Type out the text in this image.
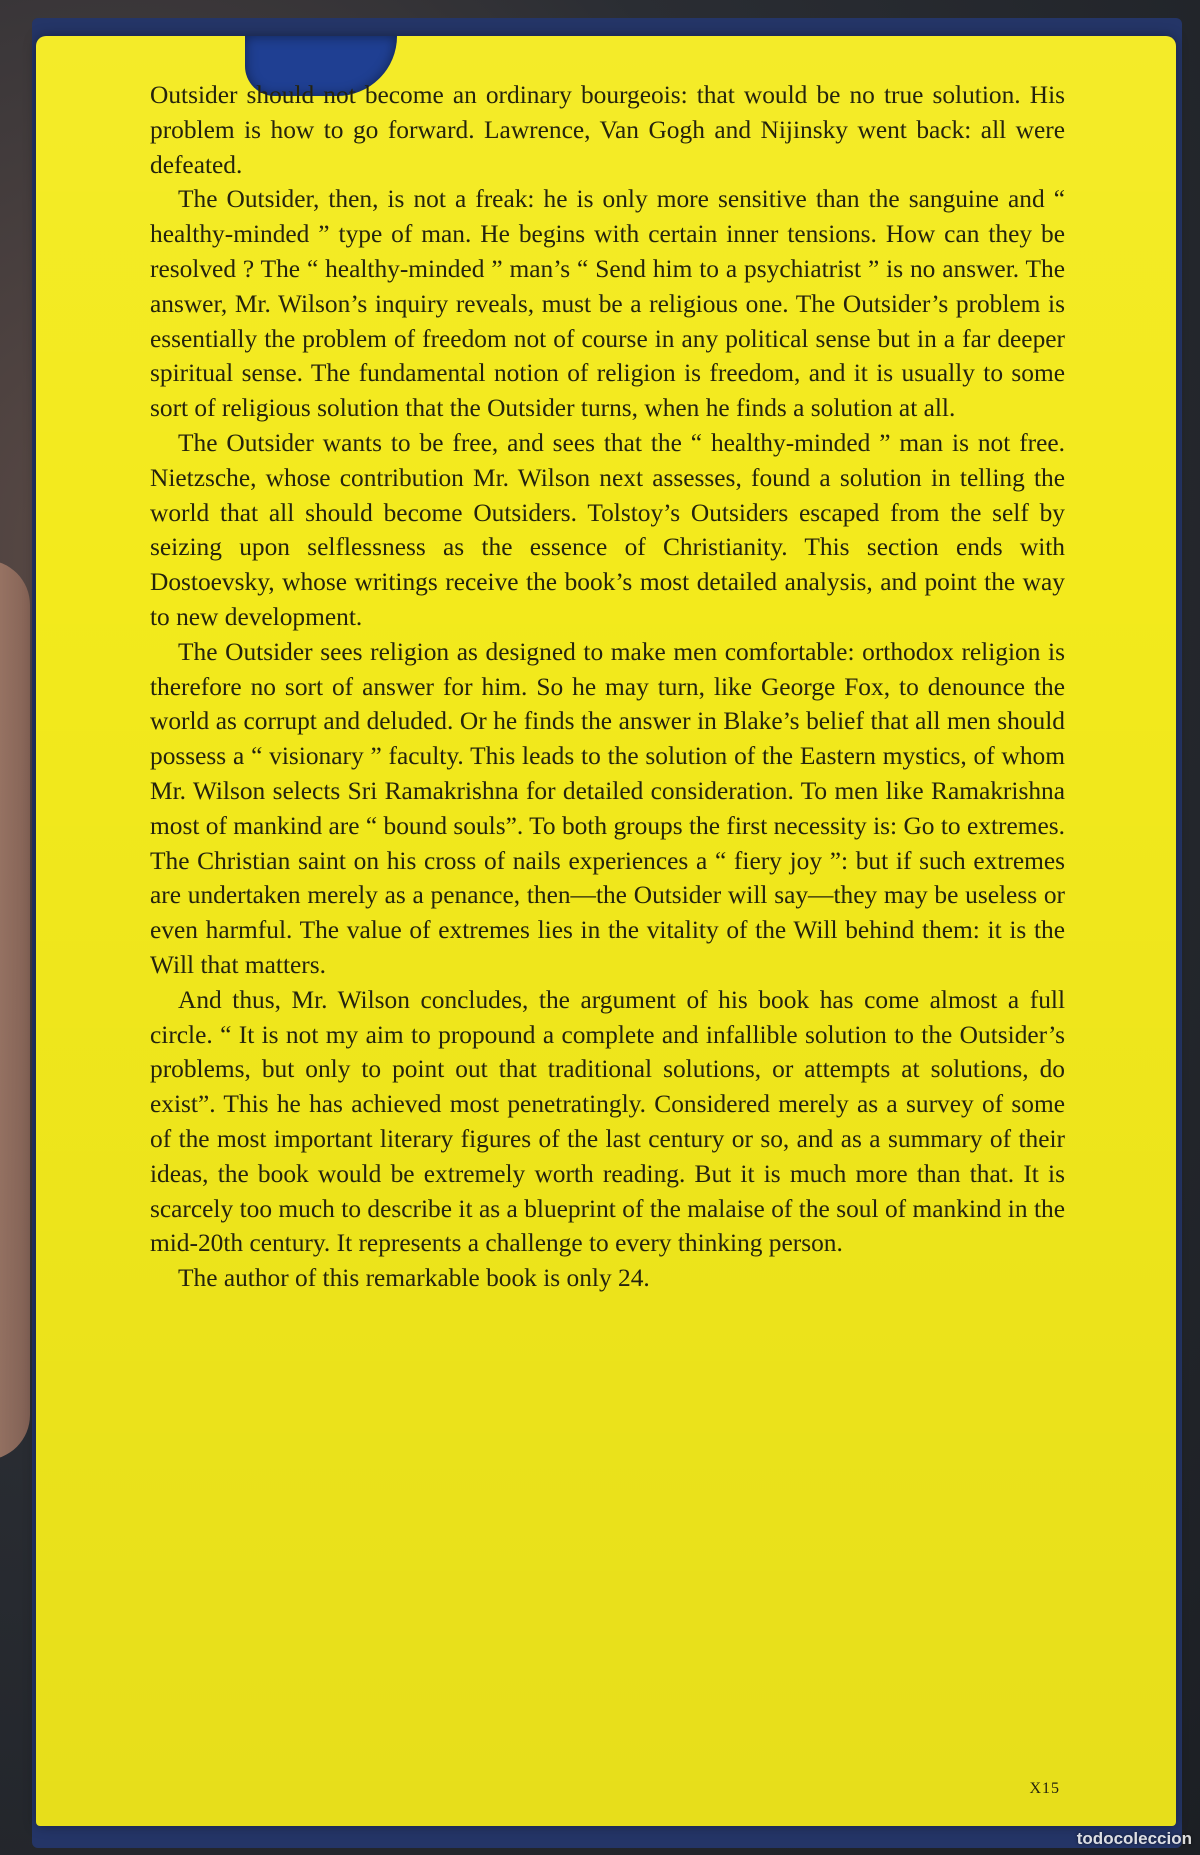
Outsider should not become an ordinary bourgeois: that would be no true solution. His problem is how to go forward. Lawrence, Van Gogh and Nijinsky went back: all were defeated.

The Outsider, then, is not a freak: he is only more sensitive than the sanguine and “ healthy-minded ” type of man. He begins with certain inner tensions. How can they be resolved ? The “ healthy-minded ” man’s “ Send him to a psychiatrist ” is no answer. The answer, Mr. Wilson’s inquiry reveals, must be a religious one. The Outsider’s problem is essentially the problem of freedom not of course in any political sense but in a far deeper spiritual sense. The fundamental notion of religion is freedom, and it is usually to some sort of religious solution that the Outsider turns, when he finds a solution at all.

The Outsider wants to be free, and sees that the “ healthy-minded ” man is not free. Nietzsche, whose contribution Mr. Wilson next assesses, found a solution in telling the world that all should become Outsiders. Tolstoy’s Outsiders escaped from the self by seizing upon selflessness as the essence of Christianity. This section ends with Dostoevsky, whose writings receive the book’s most detailed analysis, and point the way to new development.

The Outsider sees religion as designed to make men comfortable: orthodox religion is therefore no sort of answer for him. So he may turn, like George Fox, to denounce the world as corrupt and deluded. Or he finds the answer in Blake’s belief that all men should possess a “ visionary ” faculty. This leads to the solution of the Eastern mystics, of whom Mr. Wilson selects Sri Ramakrishna for detailed consideration. To men like Ramakrishna most of mankind are “ bound souls”. To both groups the first necessity is: Go to extremes. The Christian saint on his cross of nails experiences a “ fiery joy ”: but if such extremes are undertaken merely as a penance, then—the Outsider will say—they may be useless or even harmful. The value of extremes lies in the vitality of the Will behind them: it is the Will that matters.

And thus, Mr. Wilson concludes, the argument of his book has come almost a full circle. “ It is not my aim to propound a complete and infallible solution to the Outsider’s problems, but only to point out that traditional solutions, or attempts at solutions, do exist”. This he has achieved most penetratingly. Considered merely as a survey of some of the most important literary figures of the last century or so, and as a summary of their ideas, the book would be extremely worth reading. But it is much more than that. It is scarcely too much to describe it as a blueprint of the malaise of the soul of mankind in the mid-20th century. It represents a challenge to every thinking person.

The author of this remarkable book is only 24.

X15
todocoleccion
